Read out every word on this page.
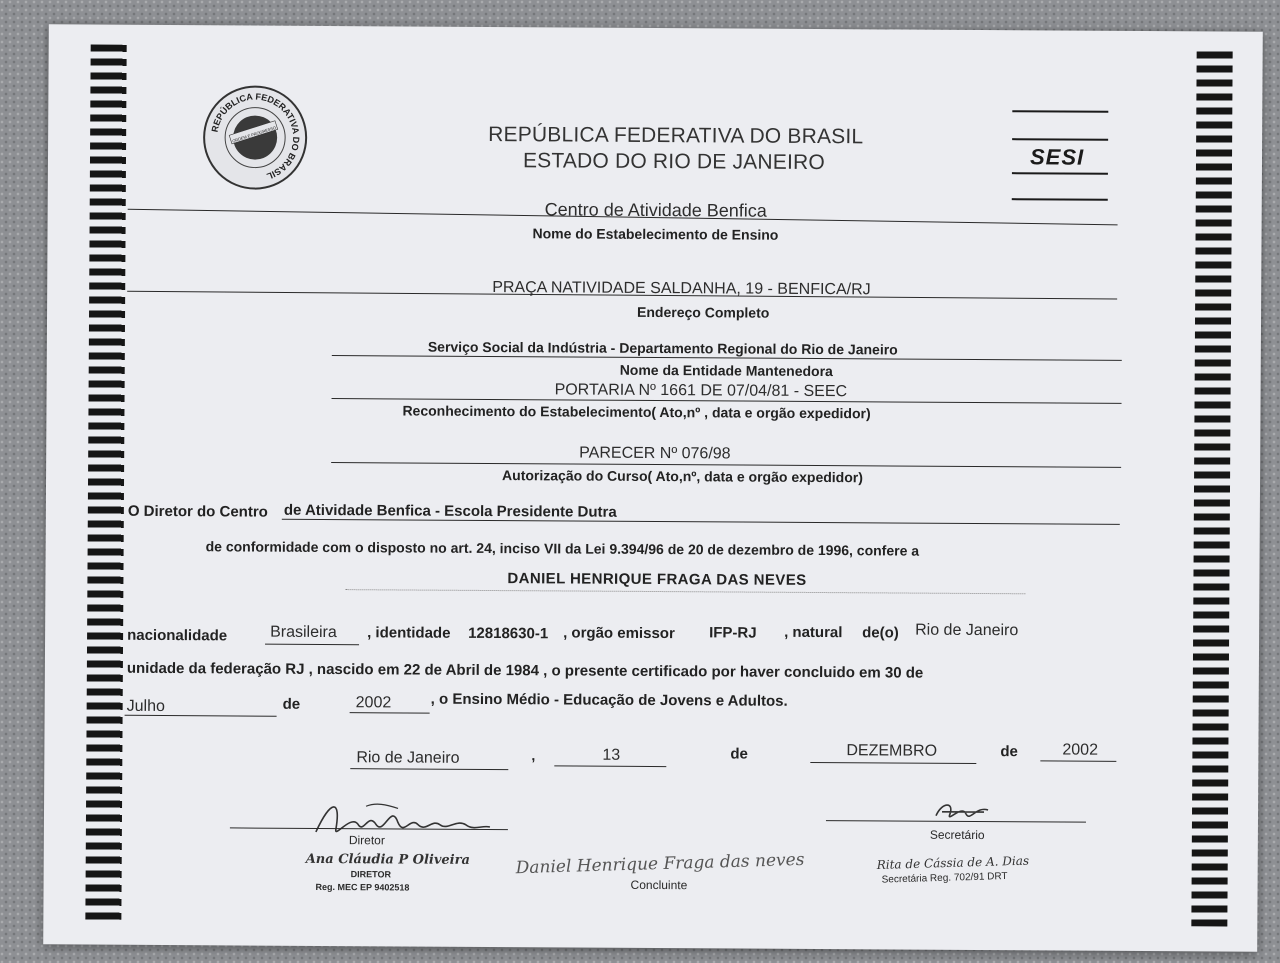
REPÚBLICA FEDERATIVA DO BRASIL
ORDEM E PROGRESSO	REPÚBLICA FEDERATIVA DO BRASIL
ESTADO DO RIO DE JANEIRO	SESI
Centro de Atividade Benfica
Nome do Estabelecimento de Ensino
PRAÇA NATIVIDADE SALDANHA, 19 - BENFICA/RJ
Endereço Completo
Serviço Social da Indústria - Departamento Regional do Rio de Janeiro
Nome da Entidade Mantenedora
PORTARIA Nº 1661 DE 07/04/81 - SEEC
Reconhecimento do Estabelecimento( Ato,nº , data e orgão expedidor)
PARECER Nº 076/98
Autorização do Curso( Ato,nº, data e orgão expedidor)
O Diretor do Centro de Atividade Benfica - Escola Presidente Dutra
de conformidade com o disposto no art. 24, inciso VII da Lei 9.394/96 de 20 de dezembro de 1996, confere a
DANIEL HENRIQUE FRAGA DAS NEVES
nacionalidade	Brasileira , identidade 12818630-1 , orgão emissor IFP-RJ , natural de(o) Rio de Janeiro
unidade da federação RJ , nascido em 22 de Abril de 1984 , o presente certificado por haver concluido em 30 de
Julho	de	2002	, o Ensino Médio - Educação de Jovens e Adultos.
Rio de Janeiro	,	13	de	DEZEMBRO	de	2002
Diretor
Ana Cláudia P Oliveira
DIRETOR
Reg. MEC EP 9402518
Daniel Henrique Fraga das neves
Concluinte
Secretário
Rita de Cássia de A. Dias
Secretária Reg. 702/91 DRT
